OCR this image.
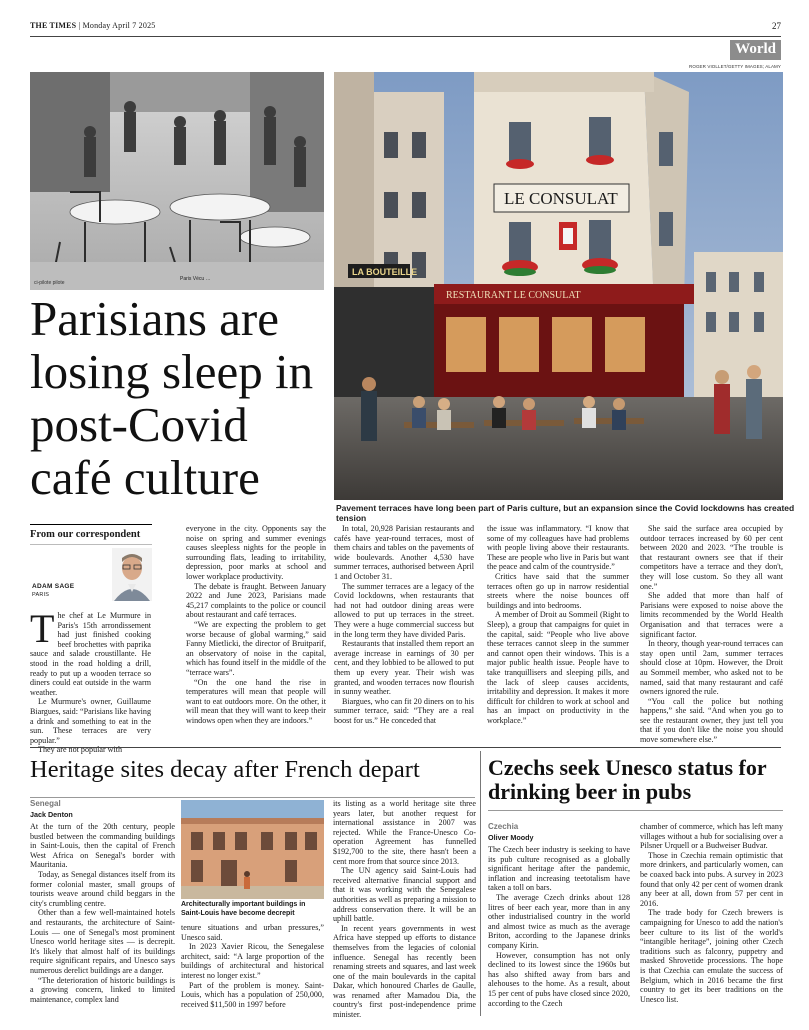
THE TIMES | Monday April 7 2025	27
World
ROGER VIOLLET/GETTY IMAGES; ALAMY
ci-pilote pilote
Paris Vécu …
LA BOUTEILLE
LE CONSULAT
RESTAURANT LE CONSULAT
Parisians are losing sleep in post-Covid café culture
Pavement terraces have long been part of Paris culture, but an expansion since the Covid lockdowns has created tension
From our correspondent
ADAM SAGE
PARIS
T he chef at Le Murmure in Paris's 15th arrondissement had just finished cooking beef brochettes with paprika sauce and salade croustillante. He stood in the road holding a drill, ready to put up a wooden terrace so diners could eat outside in the warm weather.

Le Murmure's owner, Guillaume Biargues, said: “Parisians like having a drink and something to eat in the sun. These terraces are very popular.”

They are not popular with

everyone in the city. Opponents say the noise on spring and summer evenings causes sleepless nights for the people in surrounding flats, leading to irritability, depression, poor marks at school and lower workplace productivity.

The debate is fraught. Between January 2022 and June 2023, Parisians made 45,217 complaints to the police or council about restaurant and café terraces.

“We are expecting the problem to get worse because of global warming,” said Fanny Mietlicki, the director of Bruitparif, an observatory of noise in the capital, which has found itself in the middle of the “terrace wars”.

“On the one hand the rise in temperatures will mean that people will want to eat outdoors more. On the other, it will mean that they will want to keep their windows open when they are indoors.”

In total, 20,928 Parisian restaurants and cafés have year-round terraces, most of them chairs and tables on the pavements of wide boulevards. Another 4,530 have summer terraces, authorised between April 1 and October 31.

The summer terraces are a legacy of the Covid lockdowns, when restaurants that had not had outdoor dining areas were allowed to put up terraces in the street. They were a huge commercial success but in the long term they have divided Paris.

Restaurants that installed them report an average increase in earnings of 30 per cent, and they lobbied to be allowed to put them up every year. Their wish was granted, and wooden terraces now flourish in sunny weather.

Biargues, who can fit 20 diners on to his summer terrace, said: “They are a real boost for us.” He conceded that

the issue was inflammatory. “I know that some of my colleagues have had problems with people living above their restaurants. These are people who live in Paris but want the peace and calm of the countryside.”

Critics have said that the summer terraces often go up in narrow residential streets where the noise bounces off buildings and into bedrooms.

A member of Droit au Sommeil (Right to Sleep), a group that campaigns for quiet in the capital, said: “People who live above these terraces cannot sleep in the summer and cannot open their windows. This is a major public health issue. People have to take tranquillisers and sleeping pills, and the lack of sleep causes accidents, irritability and depression. It makes it more difficult for children to work at school and has an impact on productivity in the workplace.”

She said the surface area occupied by outdoor terraces increased by 60 per cent between 2020 and 2023. “The trouble is that restaurant owners see that if their competitors have a terrace and they don't, they will lose custom. So they all want one.”

She added that more than half of Parisians were exposed to noise above the limits recommended by the World Health Organisation and that terraces were a significant factor.

In theory, though year-round terraces can stay open until 2am, summer terraces should close at 10pm. However, the Droit au Sommeil member, who asked not to be named, said that many restaurant and café owners ignored the rule.

“You call the police but nothing happens,” she said. “And when you go to see the restaurant owner, they just tell you that if you don't like the noise you should move somewhere else.”

Heritage sites decay after French depart
Senegal
Jack Denton

At the turn of the 20th century, people bustled between the commanding buildings in Saint-Louis, then the capital of French West Africa on Senegal's border with Mauritania.

Today, as Senegal distances itself from its former colonial master, small groups of tourists weave around child beggars in the city's crumbling centre.

Other than a few well-maintained hotels and restaurants, the architecture of Saint-Louis — one of Senegal's most prominent Unesco world heritage sites — is decrepit. It's likely that almost half of its buildings require significant repairs, and Unesco says numerous derelict buildings are a danger.

“The deterioration of historic buildings is a growing concern, linked to limited maintenance, complex land

Architecturally important buildings in Saint-Louis have become decrepit

tenure situations and urban pressures,” Unesco said.

In 2023 Xavier Ricou, the Senegalese architect, said: “A large proportion of the buildings of architectural and historical interest no longer exist.”

Part of the problem is money. Saint-Louis, which has a population of 250,000, received $11,500 in 1997 before

its listing as a world heritage site three years later, but another request for international assistance in 2007 was rejected. While the France-Unesco Co-operation Agreement has funnelled $192,700 to the site, there hasn't been a cent more from that source since 2013.

The UN agency said Saint-Louis had received alternative financial support and that it was working with the Senegalese authorities as well as preparing a mission to address conservation there. It will be an uphill battle.

In recent years governments in west Africa have stepped up efforts to distance themselves from the legacies of colonial influence. Senegal has recently been renaming streets and squares, and last week one of the main boulevards in the capital Dakar, which honoured Charles de Gaulle, was renamed after Mamadou Dia, the country's first post-independence prime minister.

Czechs seek Unesco status for drinking beer in pubs
Czechia
Oliver Moody

The Czech beer industry is seeking to have its pub culture recognised as a globally significant heritage after the pandemic, inflation and increasing teetotalism have taken a toll on bars.

The average Czech drinks about 128 litres of beer each year, more than in any other industrialised country in the world and almost twice as much as the average Briton, according to the Japanese drinks company Kirin.

However, consumption has not only declined to its lowest since the 1960s but has also shifted away from bars and alehouses to the home. As a result, about 15 per cent of pubs have closed since 2020, according to the Czech

chamber of commerce, which has left many villages without a hub for socialising over a Pilsner Urquell or a Budweiser Budvar.

Those in Czechia remain optimistic that more drinkers, and particularly women, can be coaxed back into pubs. A survey in 2023 found that only 42 per cent of women drank any beer at all, down from 57 per cent in 2016.

The trade body for Czech brewers is campaigning for Unesco to add the nation's beer culture to its list of the world's “intangible heritage”, joining other Czech traditions such as falconry, puppetry and masked Shrovetide processions. The hope is that Czechia can emulate the success of Belgium, which in 2016 became the first country to get its beer traditions on the Unesco list.
